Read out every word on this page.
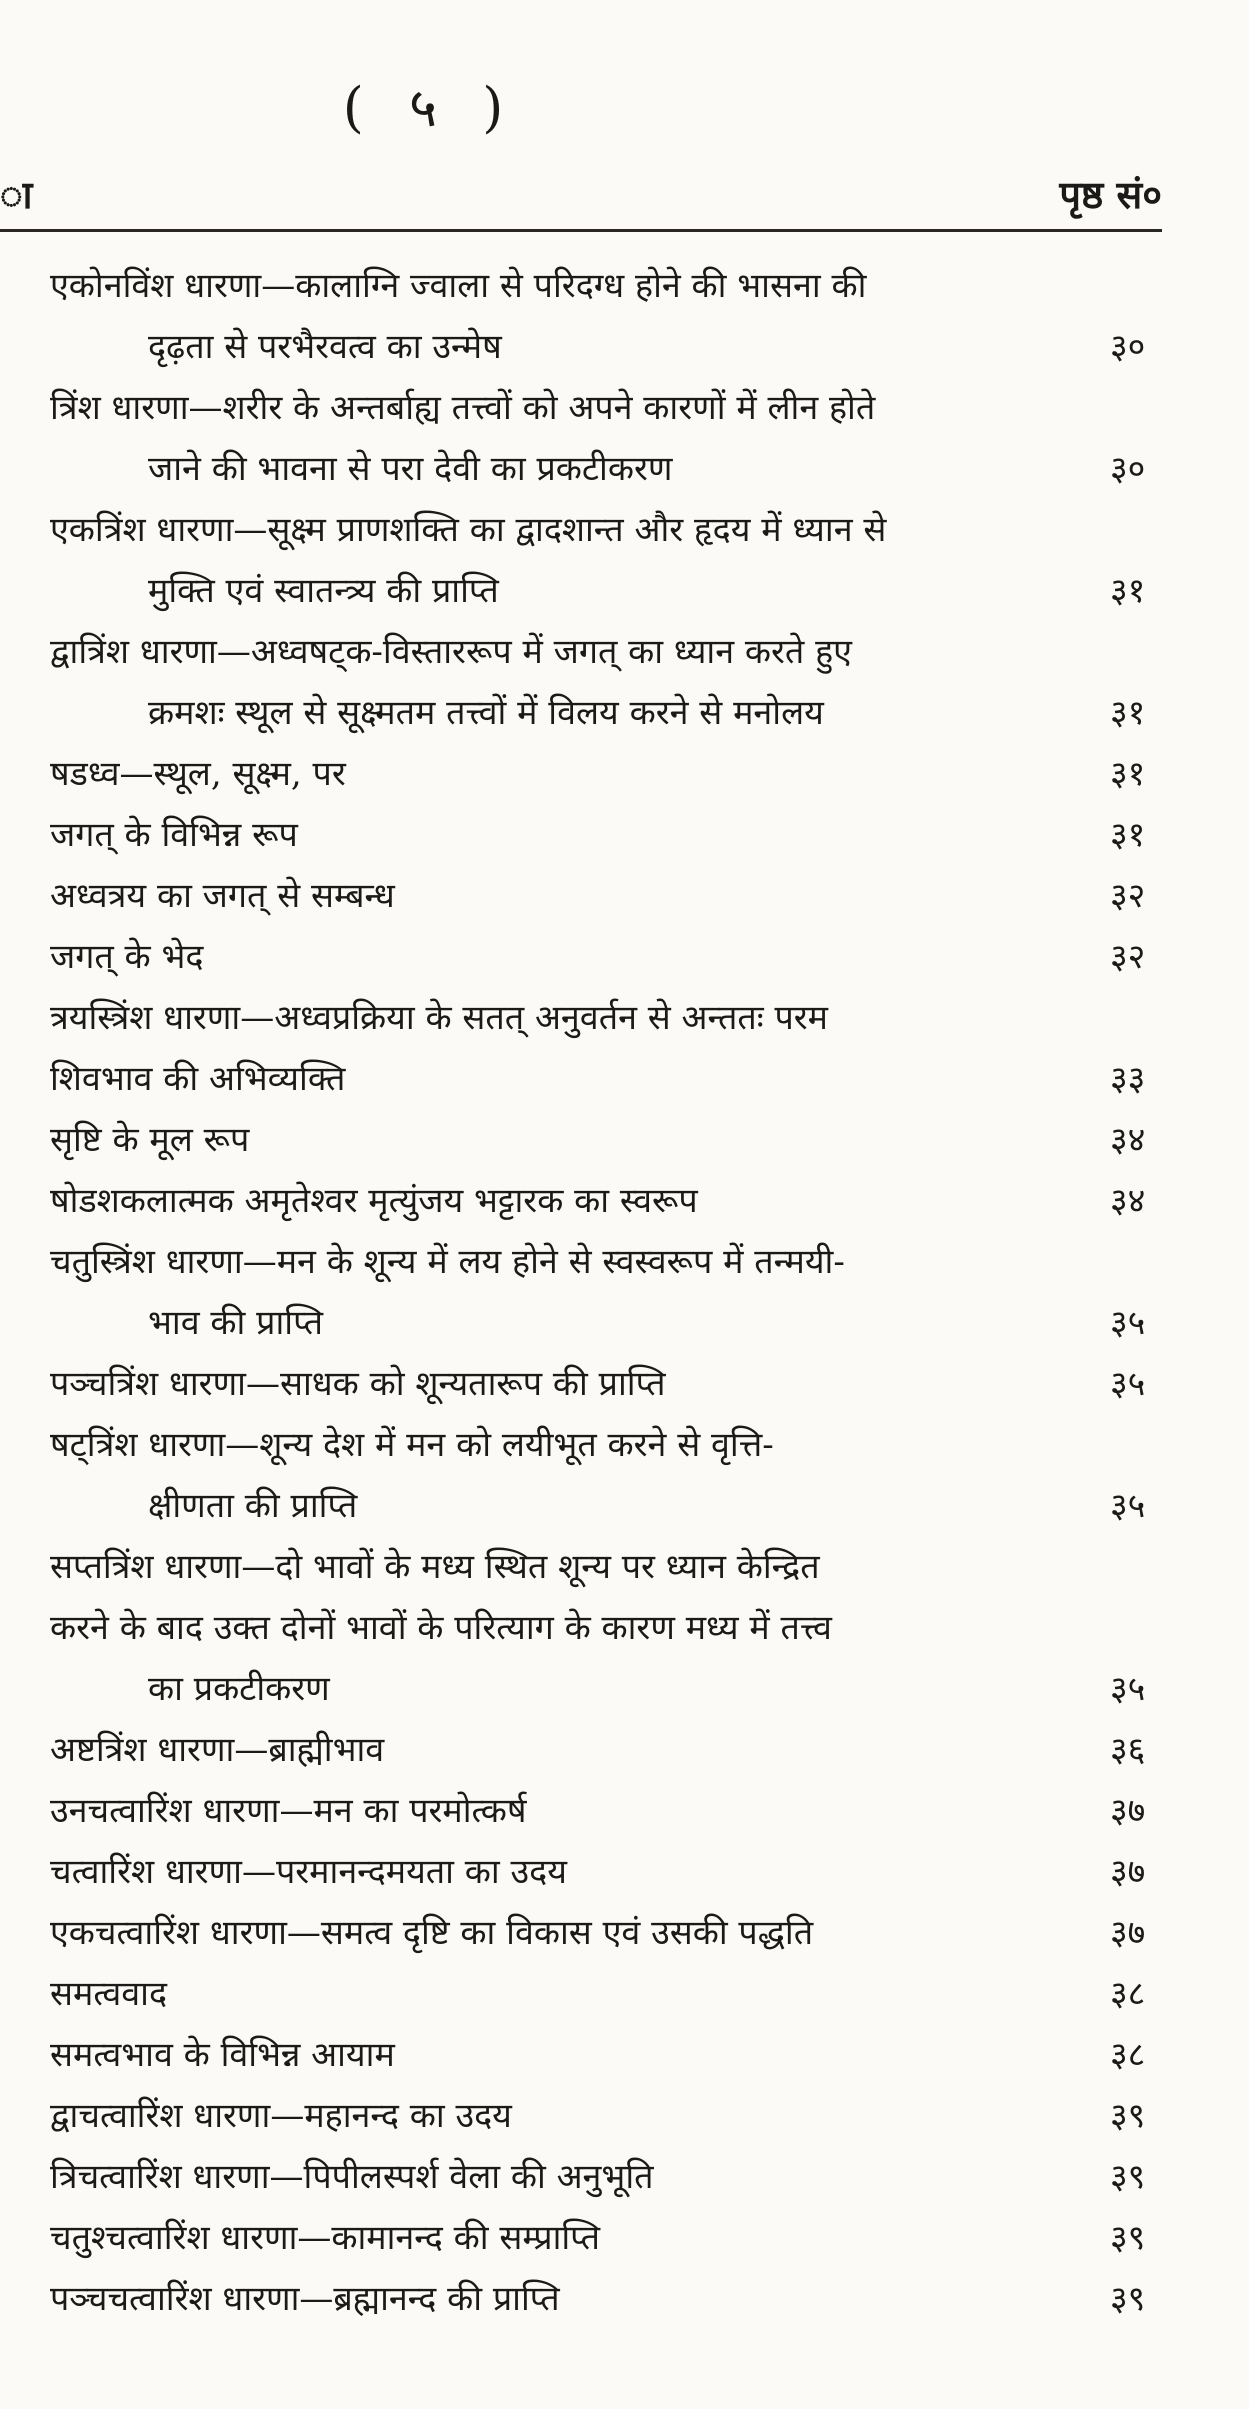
( ५ )
ा	पृष्ठ सं०
एकोनविंश धारणा—कालाग्नि ज्वाला से परिदग्ध होने की भासना की
दृढ़ता से परभैरवत्व का उन्मेष	३०
त्रिंश धारणा—शरीर के अन्तर्बाह्य तत्त्वों को अपने कारणों में लीन होते
जाने की भावना से परा देवी का प्रकटीकरण	३०
एकत्रिंश धारणा—सूक्ष्म प्राणशक्ति का द्वादशान्त और हृदय में ध्यान से
मुक्ति एवं स्वातन्त्र्य की प्राप्ति	३१
द्वात्रिंश धारणा—अध्वषट्क-विस्ताररूप में जगत् का ध्यान करते हुए
क्रमशः स्थूल से सूक्ष्मतम तत्त्वों में विलय करने से मनोलय	३१
षडध्व—स्थूल, सूक्ष्म, पर	३१
जगत् के विभिन्न रूप	३१
अध्वत्रय का जगत् से सम्बन्ध	३२
जगत् के भेद	३२
त्रयस्त्रिंश धारणा—अध्वप्रक्रिया के सतत् अनुवर्तन से अन्ततः परम
शिवभाव की अभिव्यक्ति	३३
सृष्टि के मूल रूप	३४
षोडशकलात्मक अमृतेश्वर मृत्युंजय भट्टारक का स्वरूप	३४
चतुस्त्रिंश धारणा—मन के शून्य में लय होने से स्वस्वरूप में तन्मयी-
भाव की प्राप्ति	३५
पञ्चत्रिंश धारणा—साधक को शून्यतारूप की प्राप्ति	३५
षट्त्रिंश धारणा—शून्य देश में मन को लयीभूत करने से वृत्ति-
क्षीणता की प्राप्ति	३५
सप्तत्रिंश धारणा—दो भावों के मध्य स्थित शून्य पर ध्यान केन्द्रित
करने के बाद उक्त दोनों भावों के परित्याग के कारण मध्य में तत्त्व
का प्रकटीकरण	३५
अष्टत्रिंश धारणा—ब्राह्मीभाव	३६
उनचत्वारिंश धारणा—मन का परमोत्कर्ष	३७
चत्वारिंश धारणा—परमानन्दमयता का उदय	३७
एकचत्वारिंश धारणा—समत्व दृष्टि का विकास एवं उसकी पद्धति	३७
समत्ववाद	३८
समत्वभाव के विभिन्न आयाम	३८
द्वाचत्वारिंश धारणा—महानन्द का उदय	३९
त्रिचत्वारिंश धारणा—पिपीलस्पर्श वेला की अनुभूति	३९
चतुश्चत्वारिंश धारणा—कामानन्द की सम्प्राप्ति	३९
पञ्चचत्वारिंश धारणा—ब्रह्मानन्द की प्राप्ति	३९
